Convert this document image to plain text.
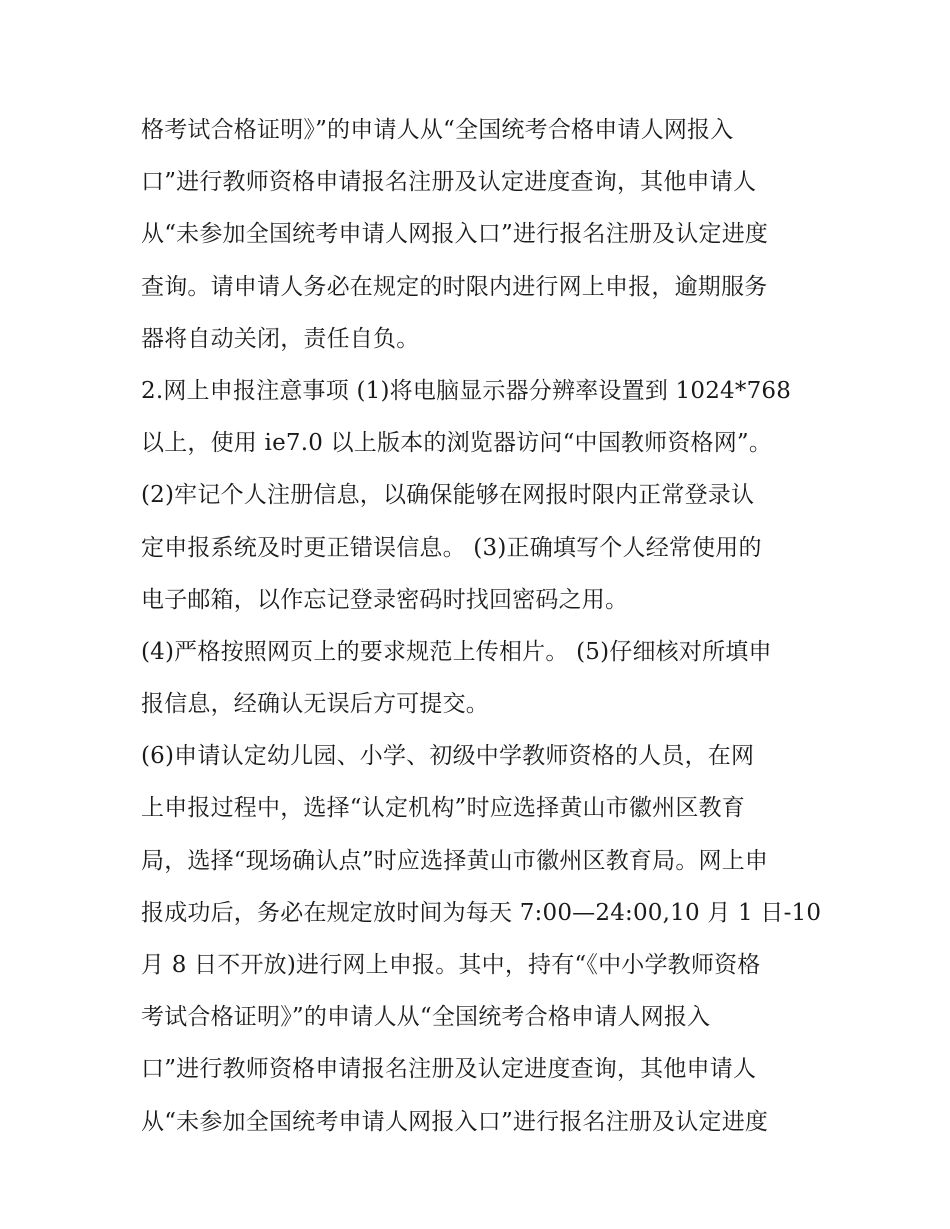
格考试合格证明》”的申请人从“全国统考合格申请人网报入
口”进行教师资格申请报名注册及认定进度查询，其他申请人
从“未参加全国统考申请人网报入口”进行报名注册及认定进度
查询。请申请人务必在规定的时限内进行网上申报，逾期服务
器将自动关闭，责任自负。
2.网上申报注意事项 (1)将电脑显示器分辨率设置到 1024*768
以上，使用 ie7.0 以上版本的浏览器访问“中国教师资格网”。
(2)牢记个人注册信息，以确保能够在网报时限内正常登录认
定申报系统及时更正错误信息。 (3)正确填写个人经常使用的
电子邮箱，以作忘记登录密码时找回密码之用。
(4)严格按照网页上的要求规范上传相片。 (5)仔细核对所填申
报信息，经确认无误后方可提交。
(6)申请认定幼儿园、小学、初级中学教师资格的人员，在网
上申报过程中，选择“认定机构”时应选择黄山市徽州区教育
局，选择“现场确认点”时应选择黄山市徽州区教育局。网上申
报成功后，务必在规定放时间为每天 7:00—24:00,10 月 1 日-10
月 8 日不开放)进行网上申报。其中，持有“《中小学教师资格
考试合格证明》”的申请人从“全国统考合格申请人网报入
口”进行教师资格申请报名注册及认定进度查询，其他申请人
从“未参加全国统考申请人网报入口”进行报名注册及认定进度
